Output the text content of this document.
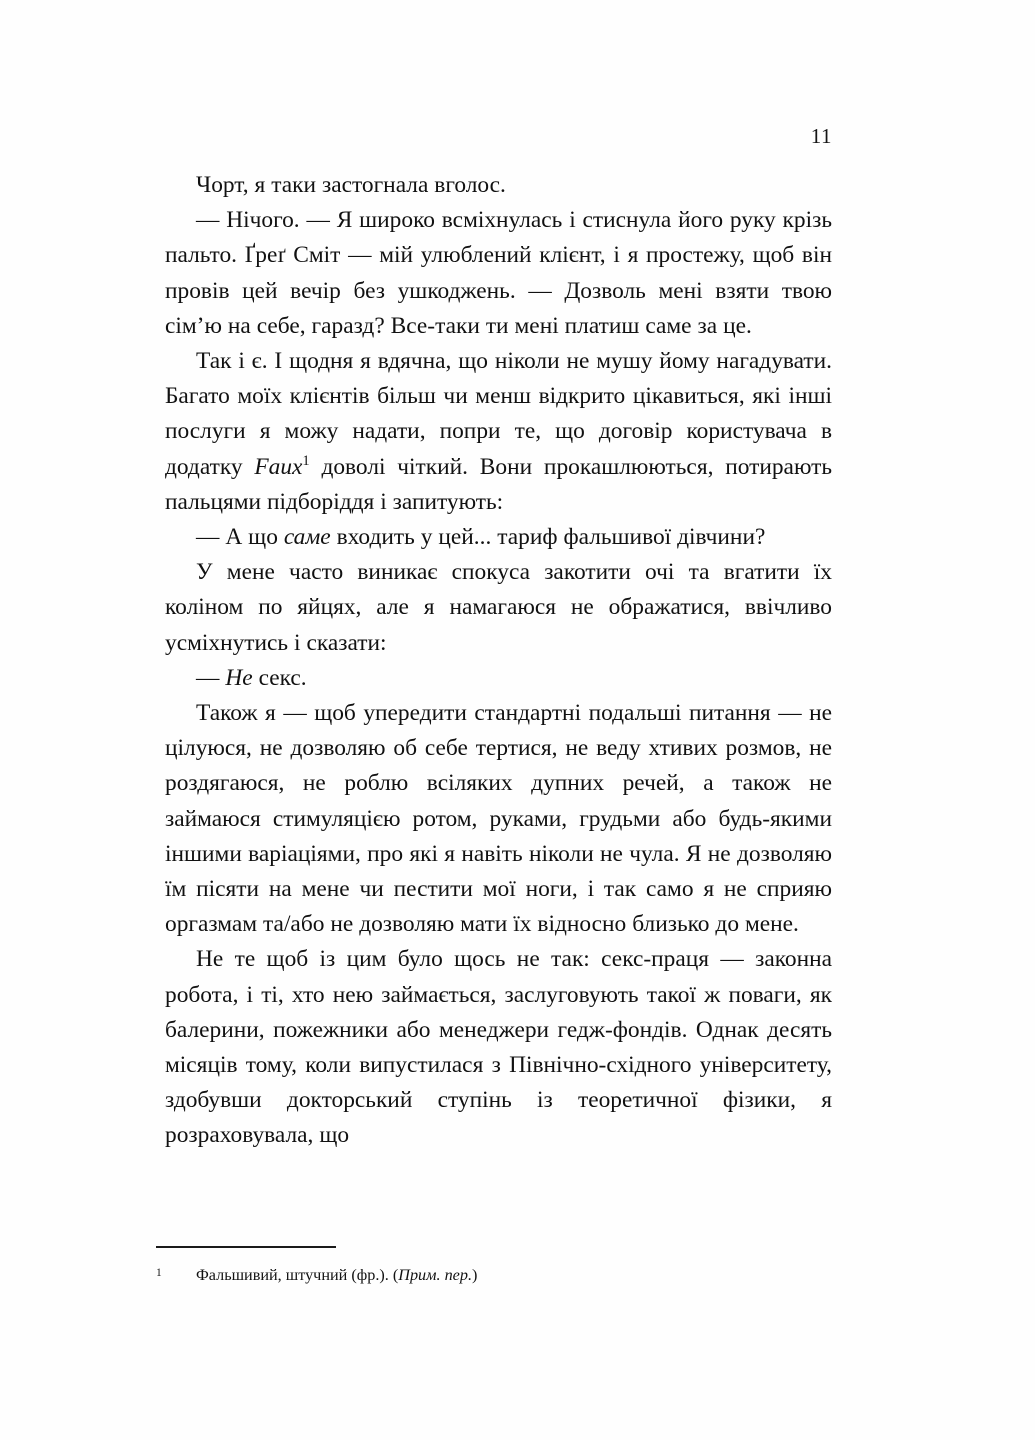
11

Чорт, я таки застогнала вголос.

— Нічого. — Я широко всміхнулась і стиснула його руку крізь пальто. Ґреґ Сміт — мій улюблений клієнт, і я простежу, щоб він провів цей вечір без ушкоджень. — Дозволь мені взяти твою сім’ю на себе, гаразд? Все-таки ти мені платиш саме за це.

Так і є. І щодня я вдячна, що ніколи не мушу йому нагадувати. Багато моїх клієнтів більш чи менш відкрито цікавиться, які інші послуги я можу надати, попри те, що договір користувача в додатку Faux$^1$ доволі чіткий. Вони прокашлюються, потирають пальцями підборіддя і запитують:

— А що саме входить у цей... тариф фальшивої дівчини?

У мене часто виникає спокуса закотити очі та вгатити їх коліном по яйцях, але я намагаюся не ображатися, ввічливо усміхнутись і сказати:

— Не секс.

Також я — щоб упередити стандартні подальші питання — не цілуюся, не дозволяю об себе тертися, не веду хтивих розмов, не роздягаюся, не роблю всіляких дупних речей, а також не займаюся стимуляцією ротом, руками, грудьми або будь-якими іншими варіаціями, про які я навіть ніколи не чула. Я не дозволяю їм пісяти на мене чи пестити мої ноги, і так само я не сприяю оргазмам та/або не дозволяю мати їх відносно близько до мене.

Не те щоб із цим було щось не так: секс-праця — законна робота, і ті, хто нею займається, заслуговують такої ж поваги, як балерини, пожежники або менеджери гедж-фондів. Однак десять місяців тому, коли випустилася з Північно-східного університету, здобувши докторський ступінь із теоретичної фізики, я розраховувала, що

1	Фальшивий, штучний (фр.). (Прим. пер.)
